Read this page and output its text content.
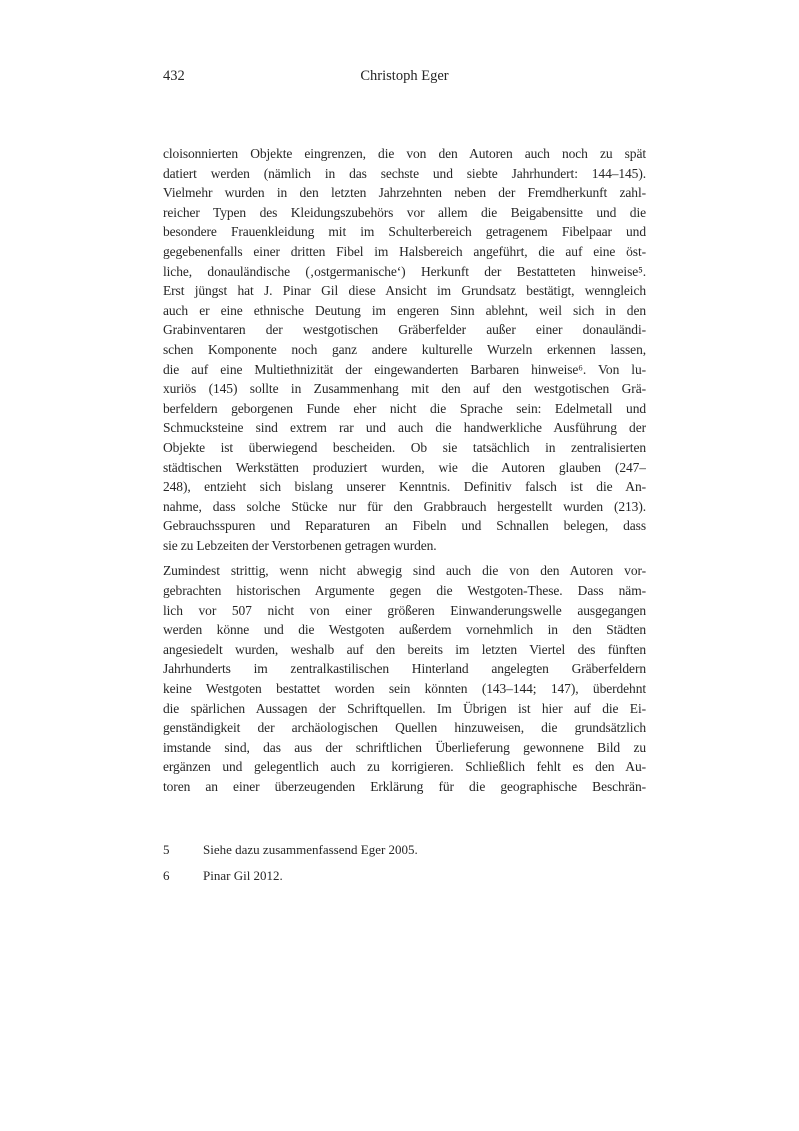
432	Christoph Eger
cloisonnierten Objekte eingrenzen, die von den Autoren auch noch zu spät
datiert werden (nämlich in das sechste und siebte Jahrhundert: 144–145).
Vielmehr wurden in den letzten Jahrzehnten neben der Fremdherkunft zahl-
reicher Typen des Kleidungszubehörs vor allem die Beigabensitte und die
besondere Frauenkleidung mit im Schulterbereich getragenem Fibelpaar und
gegebenenfalls einer dritten Fibel im Halsbereich angeführt, die auf eine öst-
liche, donauländische (‚ostgermanische‘) Herkunft der Bestatteten hinweise⁵.
Erst jüngst hat J. Pinar Gil diese Ansicht im Grundsatz bestätigt, wenngleich
auch er eine ethnische Deutung im engeren Sinn ablehnt, weil sich in den
Grabinventaren der westgotischen Gräberfelder außer einer donauländi-
schen Komponente noch ganz andere kulturelle Wurzeln erkennen lassen,
die auf eine Multiethnizität der eingewanderten Barbaren hinweise⁶. Von lu-
xuriös (145) sollte in Zusammenhang mit den auf den westgotischen Grä-
berfeldern geborgenen Funde eher nicht die Sprache sein: Edelmetall und
Schmucksteine sind extrem rar und auch die handwerkliche Ausführung der
Objekte ist überwiegend bescheiden. Ob sie tatsächlich in zentralisierten
städtischen Werkstätten produziert wurden, wie die Autoren glauben (247–
248), entzieht sich bislang unserer Kenntnis. Definitiv falsch ist die An-
nahme, dass solche Stücke nur für den Grabbrauch hergestellt wurden (213).
Gebrauchsspuren und Reparaturen an Fibeln und Schnallen belegen, dass
sie zu Lebzeiten der Verstorbenen getragen wurden.
Zumindest strittig, wenn nicht abwegig sind auch die von den Autoren vor-
gebrachten historischen Argumente gegen die Westgoten-These. Dass näm-
lich vor 507 nicht von einer größeren Einwanderungswelle ausgegangen
werden könne und die Westgoten außerdem vornehmlich in den Städten
angesiedelt wurden, weshalb auf den bereits im letzten Viertel des fünften
Jahrhunderts im zentralkastilischen Hinterland angelegten Gräberfeldern
keine Westgoten bestattet worden sein könnten (143–144; 147), überdehnt
die spärlichen Aussagen der Schriftquellen. Im Übrigen ist hier auf die Ei-
genständigkeit der archäologischen Quellen hinzuweisen, die grundsätzlich
imstande sind, das aus der schriftlichen Überlieferung gewonnene Bild zu
ergänzen und gelegentlich auch zu korrigieren. Schließlich fehlt es den Au-
toren an einer überzeugenden Erklärung für die geographische Beschrän-
5	Siehe dazu zusammenfassend Eger 2005.
6	Pinar Gil 2012.
